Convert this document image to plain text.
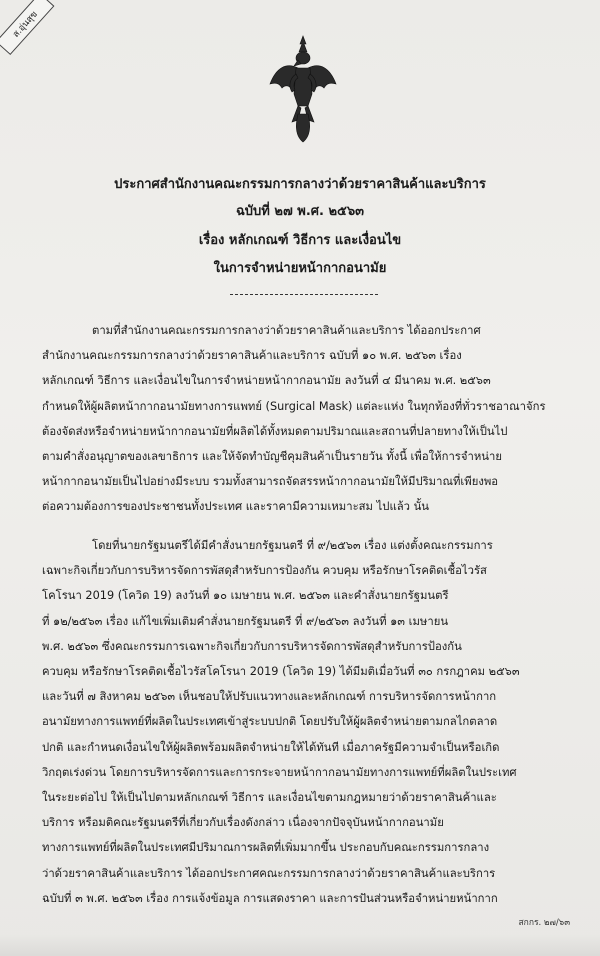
ส.อุ่นสุข
ประกาศสำนักงานคณะกรรมการกลางว่าด้วยราคาสินค้าและบริการ
ฉบับที่ ๒๗ พ.ศ. ๒๕๖๓
เรื่อง หลักเกณฑ์ วิธีการ และเงื่อนไข
ในการจำหน่ายหน้ากากอนามัย
ตามที่สำนักงานคณะกรรมการกลางว่าด้วยราคาสินค้าและบริการ ได้ออกประกาศ
สำนักงานคณะกรรมการกลางว่าด้วยราคาสินค้าและบริการ ฉบับที่ ๑๐ พ.ศ. ๒๕๖๓ เรื่อง
หลักเกณฑ์ วิธีการ และเงื่อนไขในการจำหน่ายหน้ากากอนามัย ลงวันที่ ๔ มีนาคม พ.ศ. ๒๕๖๓
กำหนดให้ผู้ผลิตหน้ากากอนามัยทางการแพทย์ (Surgical Mask) แต่ละแห่ง ในทุกท้องที่ทั่วราชอาณาจักร
ต้องจัดส่งหรือจำหน่ายหน้ากากอนามัยที่ผลิตได้ทั้งหมดตามปริมาณและสถานที่ปลายทางให้เป็นไป
ตามคำสั่งอนุญาตของเลขาธิการ และให้จัดทำบัญชีคุมสินค้าเป็นรายวัน ทั้งนี้ เพื่อให้การจำหน่าย
หน้ากากอนามัยเป็นไปอย่างมีระบบ รวมทั้งสามารถจัดสรรหน้ากากอนามัยให้มีปริมาณที่เพียงพอ
ต่อความต้องการของประชาชนทั้งประเทศ และราคามีความเหมาะสม ไปแล้ว นั้น
โดยที่นายกรัฐมนตรีได้มีคำสั่งนายกรัฐมนตรี ที่ ๙/๒๕๖๓ เรื่อง แต่งตั้งคณะกรรมการ
เฉพาะกิจเกี่ยวกับการบริหารจัดการพัสดุสำหรับการป้องกัน ควบคุม หรือรักษาโรคติดเชื้อไวรัส
โคโรนา 2019 (โควิด 19) ลงวันที่ ๑๐ เมษายน พ.ศ. ๒๕๖๓ และคำสั่งนายกรัฐมนตรี
ที่ ๑๒/๒๕๖๓ เรื่อง แก้ไขเพิ่มเติมคำสั่งนายกรัฐมนตรี ที่ ๙/๒๕๖๓ ลงวันที่ ๑๓ เมษายน
พ.ศ. ๒๕๖๓ ซึ่งคณะกรรมการเฉพาะกิจเกี่ยวกับการบริหารจัดการพัสดุสำหรับการป้องกัน
ควบคุม หรือรักษาโรคติดเชื้อไวรัสโคโรนา 2019 (โควิด 19) ได้มีมติเมื่อวันที่ ๓๐ กรกฎาคม ๒๕๖๓
และวันที่ ๗ สิงหาคม ๒๕๖๓ เห็นชอบให้ปรับแนวทางและหลักเกณฑ์ การบริหารจัดการหน้ากาก
อนามัยทางการแพทย์ที่ผลิตในประเทศเข้าสู่ระบบปกติ โดยปรับให้ผู้ผลิตจำหน่ายตามกลไกตลาด
ปกติ และกำหนดเงื่อนไขให้ผู้ผลิตพร้อมผลิตจำหน่ายให้ได้ทันที เมื่อภาครัฐมีความจำเป็นหรือเกิด
วิกฤตเร่งด่วน โดยการบริหารจัดการและการกระจายหน้ากากอนามัยทางการแพทย์ที่ผลิตในประเทศ
ในระยะต่อไป ให้เป็นไปตามหลักเกณฑ์ วิธีการ และเงื่อนไขตามกฎหมายว่าด้วยราคาสินค้าและ
บริการ หรือมติคณะรัฐมนตรีที่เกี่ยวกับเรื่องดังกล่าว เนื่องจากปัจจุบันหน้ากากอนามัย
ทางการแพทย์ที่ผลิตในประเทศมีปริมาณการผลิตที่เพิ่มมากขึ้น ประกอบกับคณะกรรมการกลาง
ว่าด้วยราคาสินค้าและบริการ ได้ออกประกาศคณะกรรมการกลางว่าด้วยราคาสินค้าและบริการ
ฉบับที่ ๓ พ.ศ. ๒๕๖๓ เรื่อง การแจ้งข้อมูล การแสดงราคา และการปันส่วนหรือจำหน่ายหน้ากาก
สกกร. ๒๗/๖๓
